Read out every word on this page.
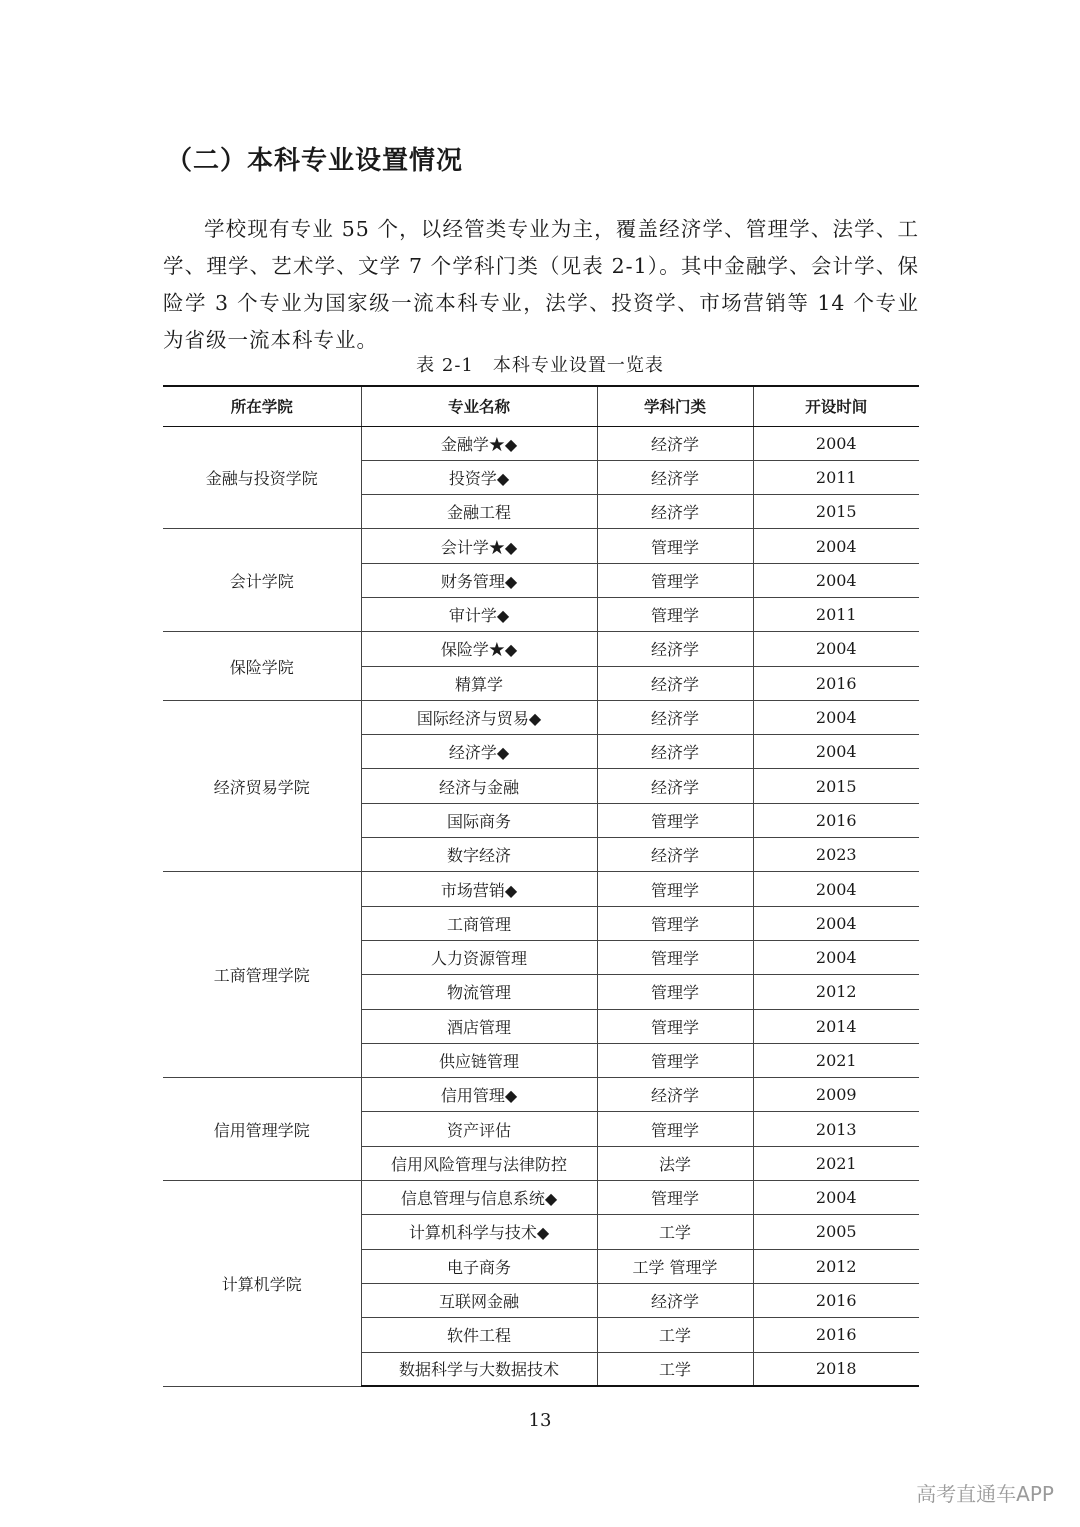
（二）本科专业设置情况

学校现有专业 55 个，以经管类专业为主，覆盖经济学、管理学、法学、工学、理学、艺术学、文学 7 个学科门类（见表 2-1）。其中金融学、会计学、保险学 3 个专业为国家级一流本科专业，法学、投资学、市场营销等 14 个专业为省级一流本科专业。

表 2-1　本科专业设置一览表
所在学院	专业名称	学科门类	开设时间
金融与投资学院	金融学★◆	经济学	2004
	投资学◆	经济学	2011
	金融工程	经济学	2015
会计学院	会计学★◆	管理学	2004
	财务管理◆	管理学	2004
	审计学◆	管理学	2011
保险学院	保险学★◆	经济学	2004
	精算学	经济学	2016
经济贸易学院	国际经济与贸易◆	经济学	2004
	经济学◆	经济学	2004
	经济与金融	经济学	2015
	国际商务	管理学	2016
	数字经济	经济学	2023
工商管理学院	市场营销◆	管理学	2004
	工商管理	管理学	2004
	人力资源管理	管理学	2004
	物流管理	管理学	2012
	酒店管理	管理学	2014
	供应链管理	管理学	2021
信用管理学院	信用管理◆	经济学	2009
	资产评估	管理学	2013
	信用风险管理与法律防控	法学	2021
计算机学院	信息管理与信息系统◆	管理学	2004
	计算机科学与技术◆	工学	2005
	电子商务	工学 管理学	2012
	互联网金融	经济学	2016
	软件工程	工学	2016
	数据科学与大数据技术	工学	2018
13
高考直通车APP
